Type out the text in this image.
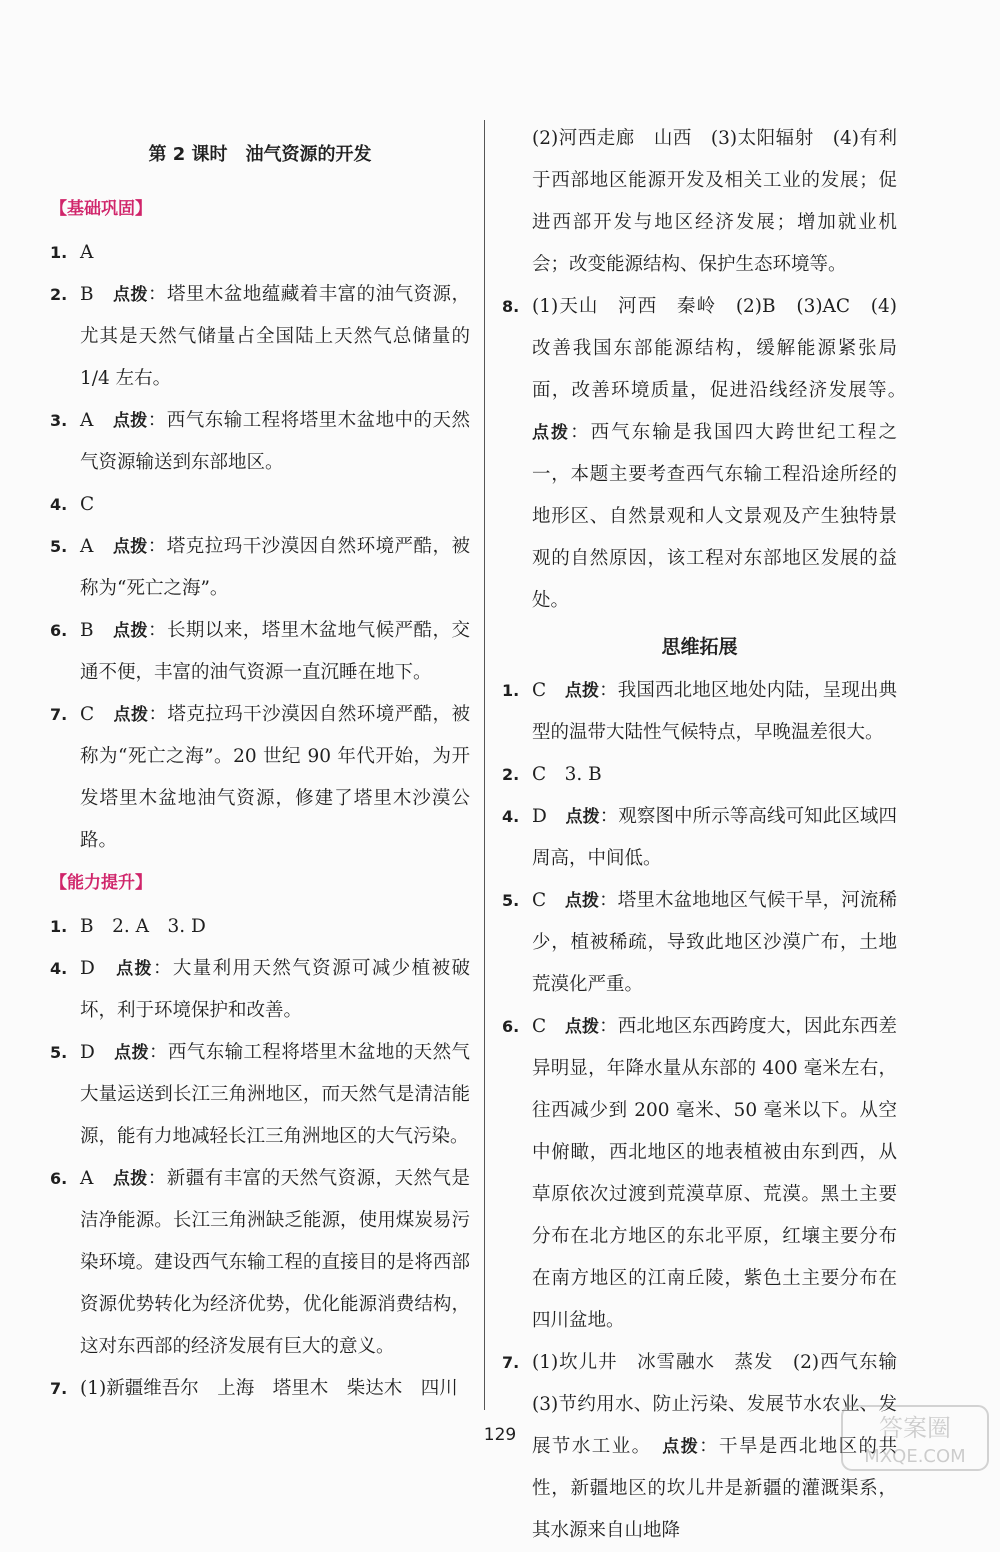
第 2 课时　油气资源的开发
【基础巩固】
1. A
2. B　点拨：塔里木盆地蕴藏着丰富的油气资源，尤其是天然气储量占全国陆上天然气总储量的 1/4 左右。
3. A　点拨：西气东输工程将塔里木盆地中的天然气资源输送到东部地区。
4. C
5. A　点拨：塔克拉玛干沙漠因自然环境严酷，被称为“死亡之海”。
6. B　点拨：长期以来，塔里木盆地气候严酷，交通不便，丰富的油气资源一直沉睡在地下。
7. C　点拨：塔克拉玛干沙漠因自然环境严酷，被称为“死亡之海”。20 世纪 90 年代开始，为开发塔里木盆地油气资源，修建了塔里木沙漠公路。
【能力提升】
1. B　2. A　3. D
4. D　点拨：大量利用天然气资源可减少植被破坏，利于环境保护和改善。
5. D　点拨：西气东输工程将塔里木盆地的天然气大量运送到长江三角洲地区，而天然气是清洁能源，能有力地减轻长江三角洲地区的大气污染。
6. A　点拨：新疆有丰富的天然气资源，天然气是洁净能源。长江三角洲缺乏能源，使用煤炭易污染环境。建设西气东输工程的直接目的是将西部资源优势转化为经济优势，优化能源消费结构，这对东西部的经济发展有巨大的意义。
7. (1)新疆维吾尔　上海　塔里木　柴达木　四川
(2)河西走廊　山西　(3)太阳辐射　(4)有利于西部地区能源开发及相关工业的发展；促进西部开发与地区经济发展；增加就业机会；改变能源结构、保护生态环境等。
8. (1)天山　河西　秦岭　(2)B　(3)AC　(4)改善我国东部能源结构，缓解能源紧张局面，改善环境质量，促进沿线经济发展等。　点拨：西气东输是我国四大跨世纪工程之一，本题主要考查西气东输工程沿途所经的地形区、自然景观和人文景观及产生独特景观的自然原因，该工程对东部地区发展的益处。
思维拓展
1. C　点拨：我国西北地区地处内陆，呈现出典型的温带大陆性气候特点，早晚温差很大。
2. C　3. B
4. D　点拨：观察图中所示等高线可知此区域四周高，中间低。
5. C　点拨：塔里木盆地地区气候干旱，河流稀少，植被稀疏，导致此地区沙漠广布，土地荒漠化严重。
6. C　点拨：西北地区东西跨度大，因此东西差异明显，年降水量从东部的 400 毫米左右，往西减少到 200 毫米、50 毫米以下。从空中俯瞰，西北地区的地表植被由东到西，从草原依次过渡到荒漠草原、荒漠。黑土主要分布在北方地区的东北平原，红壤主要分布在南方地区的江南丘陵，紫色土主要分布在四川盆地。
7. (1)坎儿井　冰雪融水　蒸发　(2)西气东输　(3)节约用水、防止污染、发展节水农业、发展节水工业。　点拨：干旱是西北地区的共性，新疆地区的坎儿井是新疆的灌溉渠系，其水源来自山地降
129	答案圈
MXQE.COM
